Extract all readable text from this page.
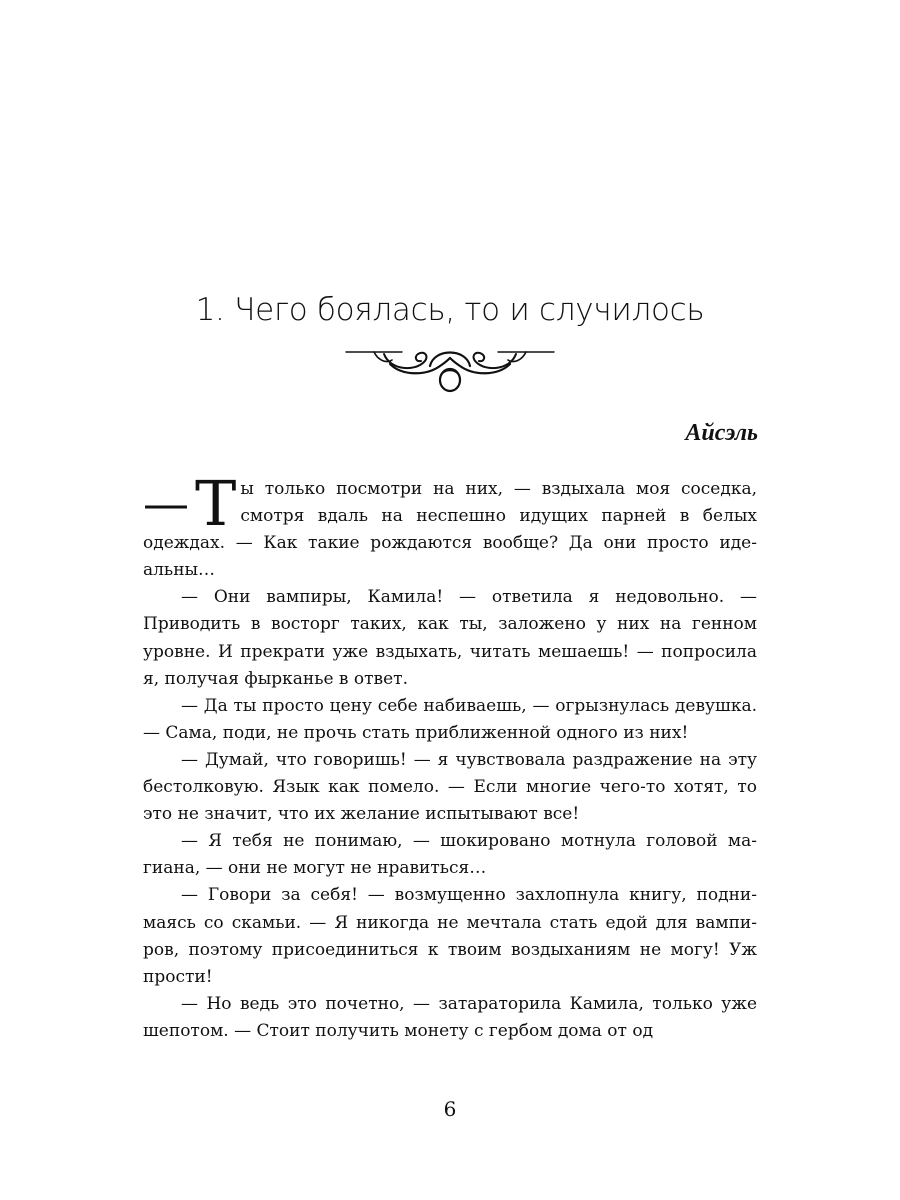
1. Чего боялась, то и случилось
Айсэль

— Т ы только посмотри на них, — вздыхала моя соседка, смотря вдаль на неспешно идущих парней в белых одеждах. — Как такие рождаются вообще? Да они просто идеальны…

— Они вампиры, Камила! — ответила я недовольно. — Приводить в восторг таких, как ты, заложено у них на генном уровне. И прекрати уже вздыхать, читать мешаешь! — попросила я, получая фырканье в ответ.

— Да ты просто цену себе набиваешь, — огрызнулась девушка. — Сама, поди, не прочь стать приближенной одного из них!

— Думай, что говоришь! — я чувствовала раздражение на эту бестолковую. Язык как помело. — Если многие чего-то хотят, то это не значит, что их желание испытывают все!

— Я тебя не понимаю, — шокировано мотнула головой магиана, — они не могут не нравиться…

— Говори за себя! — возмущенно захлопнула книгу, поднимаясь со скамьи. — Я никогда не мечтала стать едой для вампиров, поэтому присоединиться к твоим воздыханиям не могу! Уж прости!

— Но ведь это почетно, — затараторила Камила, только уже шепотом. — Стоит получить монету с гербом дома от од

6
